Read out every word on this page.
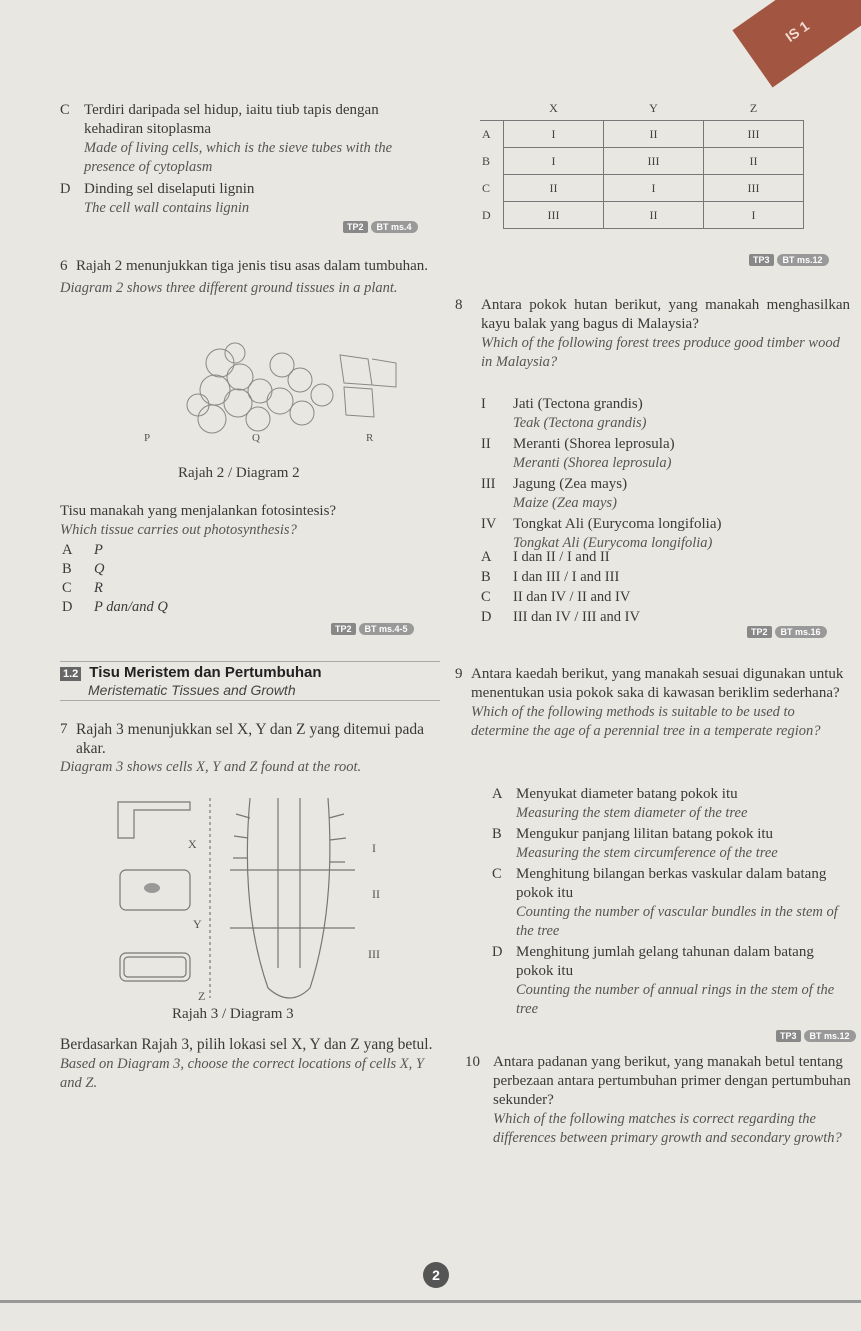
IS 1
C Terdiri daripada sel hidup, iaitu tiub tapis dengan kehadiran sitoplasma
Made of living cells, which is the sieve tubes with the presence of cytoplasm
D Dinding sel diselaputi lignin
The cell wall contains lignin
TP2	BT ms.4
	X	Y	Z
A	I	II	III
B	I	III	II
C	II	I	III
D	III	II	I
TP3	BT ms.12
6 Rajah 2 menunjukkan tiga jenis tisu asas dalam tumbuhan.
Diagram 2 shows three different ground tissues in a plant.
P	Q	R
Rajah 2 / Diagram 2
Tisu manakah yang menjalankan fotosintesis?
Which tissue carries out photosynthesis?
A	P
B	Q
C	R
D	P dan/and Q
TP2	BT ms.4-5
8	Antara pokok hutan berikut, yang manakah menghasilkan kayu balak yang bagus di Malaysia?
Which of the following forest trees produce good timber wood in Malaysia?
I	Jati (Tectona grandis)
Teak (Tectona grandis)
II	Meranti (Shorea leprosula)
Meranti (Shorea leprosula)
III	Jagung (Zea mays)
Maize (Zea mays)
IV	Tongkat Ali (Eurycoma longifolia)
Tongkat Ali (Eurycoma longifolia)
A	I dan II / I and II
B	I dan III / I and III
C	II dan IV / II and IV
D	III dan IV / III and IV
TP2	BT ms.16
1.2 Tisu Meristem dan Pertumbuhan
Meristematic Tissues and Growth
7 Rajah 3 menunjukkan sel X, Y dan Z yang ditemui pada akar.
Diagram 3 shows cells X, Y and Z found at the root.
X
Y
Z
I
II
III
Rajah 3 / Diagram 3
Berdasarkan Rajah 3, pilih lokasi sel X, Y dan Z yang betul.
Based on Diagram 3, choose the correct locations of cells X, Y and Z.
9 Antara kaedah berikut, yang manakah sesuai digunakan untuk menentukan usia pokok saka di kawasan beriklim sederhana?
Which of the following methods is suitable to be used to determine the age of a perennial tree in a temperate region?
A Menyukat diameter batang pokok itu
Measuring the stem diameter of the tree
B Mengukur panjang lilitan batang pokok itu
Measuring the stem circumference of the tree
C Menghitung bilangan berkas vaskular dalam batang pokok itu
Counting the number of vascular bundles in the stem of the tree
D Menghitung jumlah gelang tahunan dalam batang pokok itu
Counting the number of annual rings in the stem of the tree
TP3	BT ms.12
10 Antara padanan yang berikut, yang manakah betul tentang perbezaan antara pertumbuhan primer dengan pertumbuhan sekunder?
Which of the following matches is correct regarding the differences between primary growth and secondary growth?
2
